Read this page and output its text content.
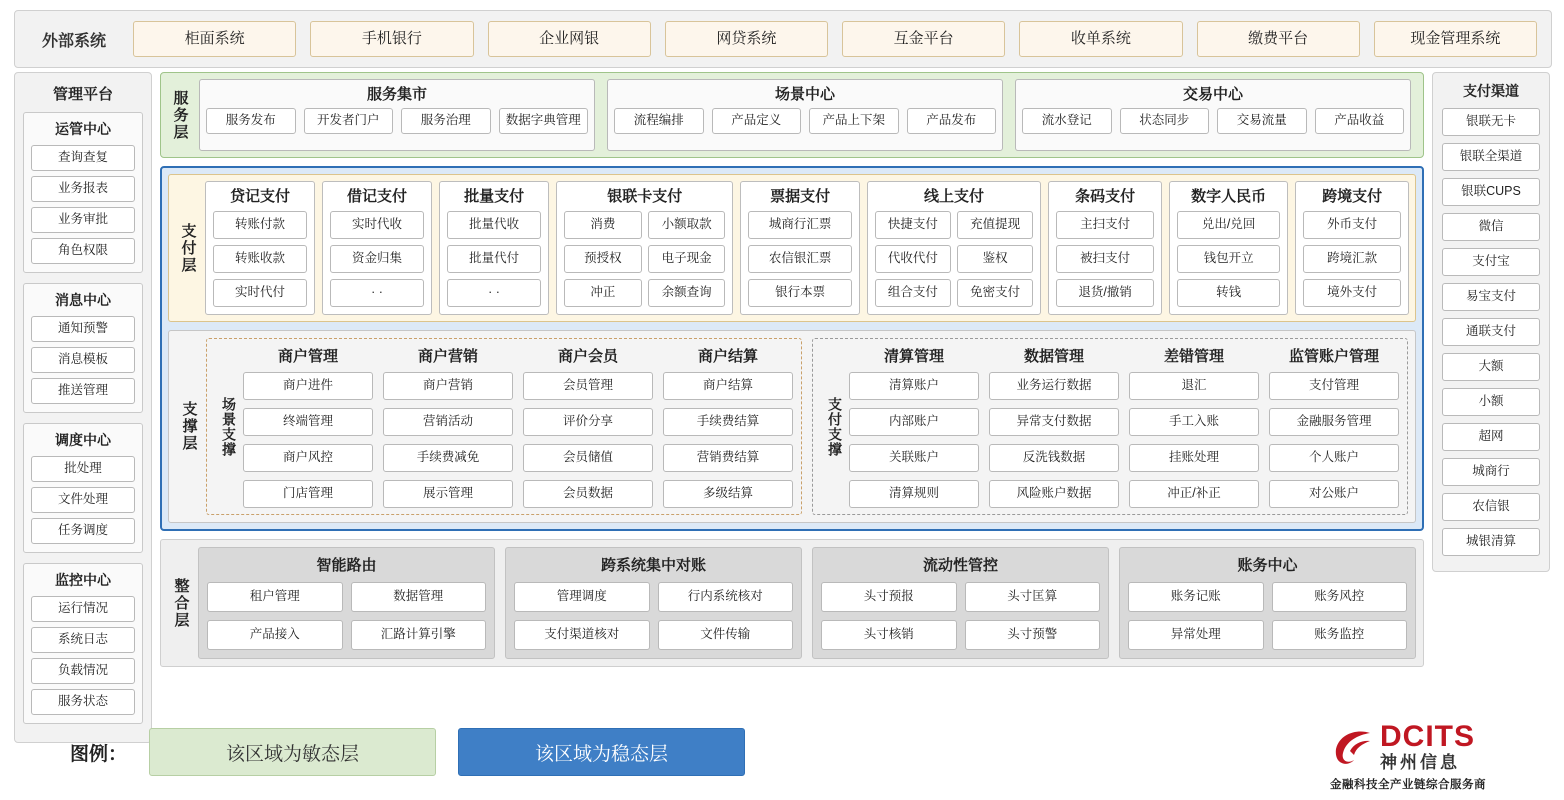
外部系统	柜面系统	手机银行	企业网银	网贷系统	互金平台	收单系统	缴费平台	现金管理系统
管理平台
运管中心
查询查复
业务报表
业务审批
角色权限
消息中心
通知预警
消息模板
推送管理
调度中心
批处理
文件处理
任务调度
监控中心
运行情况
系统日志
负载情况
服务状态
支付渠道
银联无卡
银联全渠道
银联CUPS
微信
支付宝
易宝支付
通联支付
大额
小额
超网
城商行
农信银
城银清算
服务层	服务集市
服务发布	开发者门户	服务治理	数据字典管理
场景中心
流程编排	产品定义	产品上下架	产品发布
交易中心
流水登记	状态同步	交易流量	产品收益
支付层
贷记支付
转账付款
转账收款
实时代付
借记支付
实时代收
资金归集
· ·
批量支付
批量代收
批量代付
· ·
银联卡支付
消费	小额取款
预授权	电子现金
冲正	余额查询
票据支付
城商行汇票
农信银汇票
银行本票
线上支付
快捷支付	充值提现
代收代付	鉴权
组合支付	免密支付
条码支付
主扫支付
被扫支付
退货/撤销
数字人民币
兑出/兑回
钱包开立
转钱
跨境支付
外币支付
跨境汇款
境外支付
支撑层	场景支撑
商户管理
商户进件
终端管理
商户风控
门店管理
商户营销
商户营销
营销活动
手续费减免
展示管理
商户会员
会员管理
评价分享
会员储值
会员数据
商户结算
商户结算
手续费结算
营销费结算
多级结算
支付支撑
清算管理
清算账户
内部账户
关联账户
清算规则
数据管理
业务运行数据
异常支付数据
反洗钱数据
风险账户数据
差错管理
退汇
手工入账
挂账处理
冲正/补正
监管账户管理
支付管理
金融服务管理
个人账户
对公账户
整合层
智能路由
租户管理	数据管理
产品接入	汇路计算引擎
跨系统集中对账
管理调度	行内系统核对
支付渠道核对	文件传输
流动性管控
头寸预报	头寸匡算
头寸核销	头寸预警
账务中心
账务记账	账务风控
异常处理	账务监控
图例：	该区域为敏态层	该区域为稳态层
DCITS
神州信息
金融科技全产业链综合服务商
